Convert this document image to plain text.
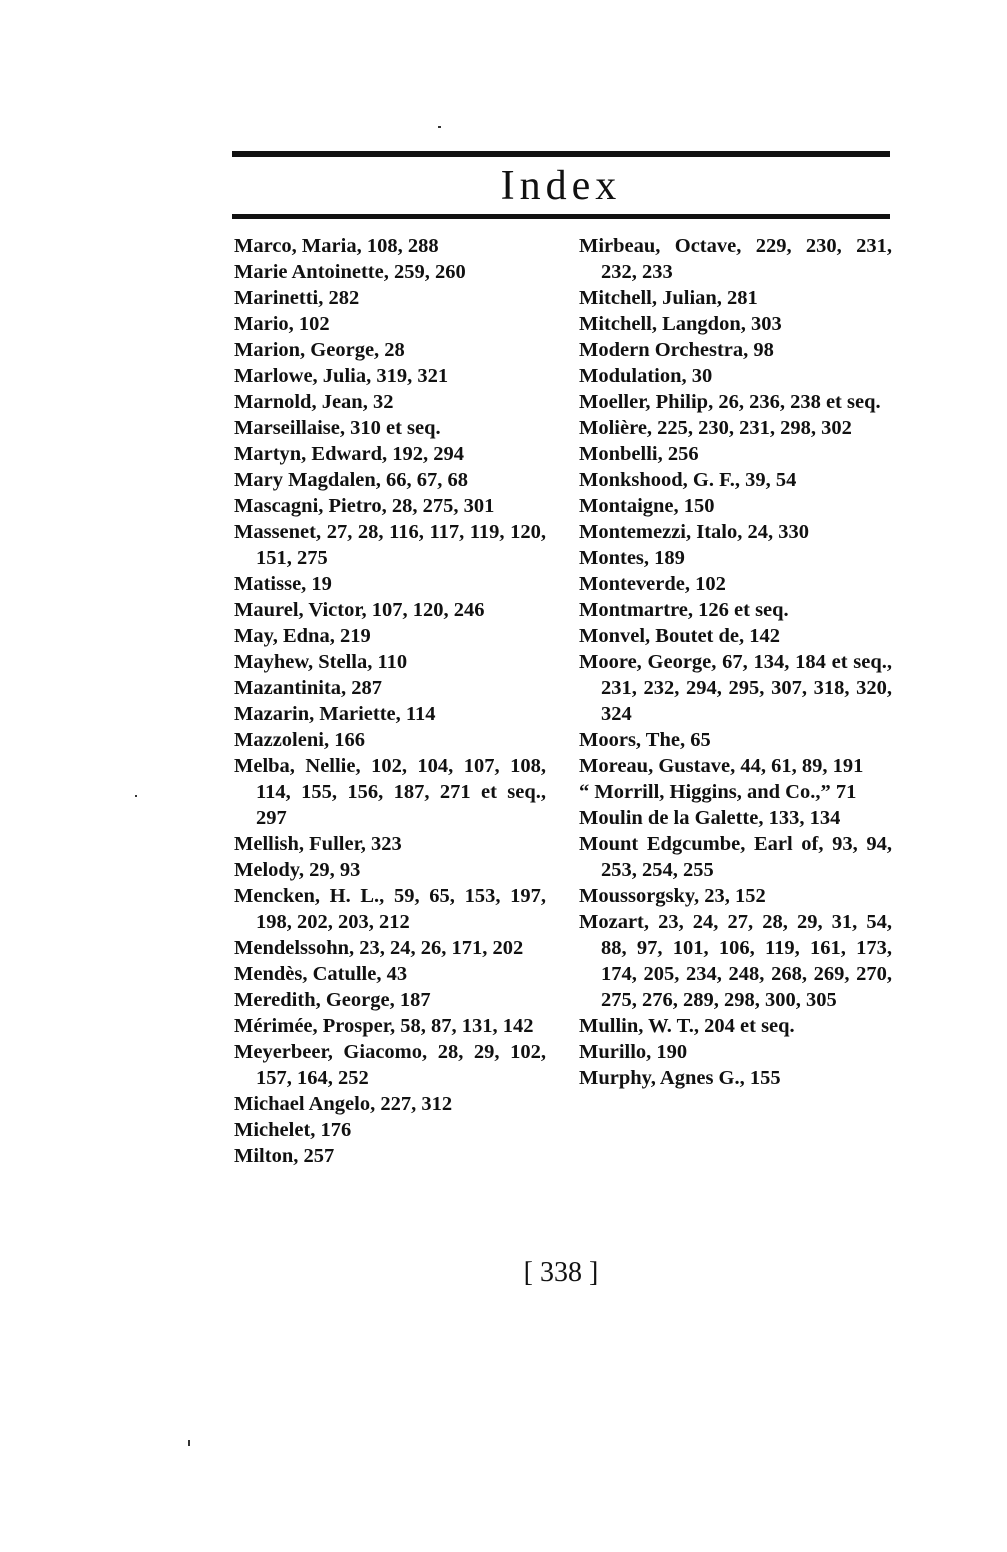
Index

Marco, Maria, 108, 288

Marie Antoinette, 259, 260

Marinetti, 282

Mario, 102

Marion, George, 28

Marlowe, Julia, 319, 321

Marnold, Jean, 32

Marseillaise, 310 et seq.

Martyn, Edward, 192, 294

Mary Magdalen, 66, 67, 68

Mascagni, Pietro, 28, 275, 301

Massenet, 27, 28, 116, 117, 119, 120, 151, 275

Matisse, 19

Maurel, Victor, 107, 120, 246

May, Edna, 219

Mayhew, Stella, 110

Mazantinita, 287

Mazarin, Mariette, 114

Mazzoleni, 166

Melba, Nellie, 102, 104, 107, 108, 114, 155, 156, 187, 271 et seq., 297

Mellish, Fuller, 323

Melody, 29, 93

Mencken, H. L., 59, 65, 153, 197, 198, 202, 203, 212

Mendelssohn, 23, 24, 26, 171, 202

Mendès, Catulle, 43

Meredith, George, 187

Mérimée, Prosper, 58, 87, 131, 142

Meyerbeer, Giacomo, 28, 29, 102, 157, 164, 252

Michael Angelo, 227, 312

Michelet, 176

Milton, 257

Mirbeau, Octave, 229, 230, 231, 232, 233

Mitchell, Julian, 281

Mitchell, Langdon, 303

Modern Orchestra, 98

Modulation, 30

Moeller, Philip, 26, 236, 238 et seq.

Molière, 225, 230, 231, 298, 302

Monbelli, 256

Monkshood, G. F., 39, 54

Montaigne, 150

Montemezzi, Italo, 24, 330

Montes, 189

Monteverde, 102

Montmartre, 126 et seq.

Monvel, Boutet de, 142

Moore, George, 67, 134, 184 et seq., 231, 232, 294, 295, 307, 318, 320, 324

Moors, The, 65

Moreau, Gustave, 44, 61, 89, 191

“ Morrill, Higgins, and Co.,” 71

Moulin de la Galette, 133, 134

Mount Edgcumbe, Earl of, 93, 94, 253, 254, 255

Moussorgsky, 23, 152

Mozart, 23, 24, 27, 28, 29, 31, 54, 88, 97, 101, 106, 119, 161, 173, 174, 205, 234, 248, 268, 269, 270, 275, 276, 289, 298, 300, 305

Mullin, W. T., 204 et seq.

Murillo, 190

Murphy, Agnes G., 155

[ 338 ]
